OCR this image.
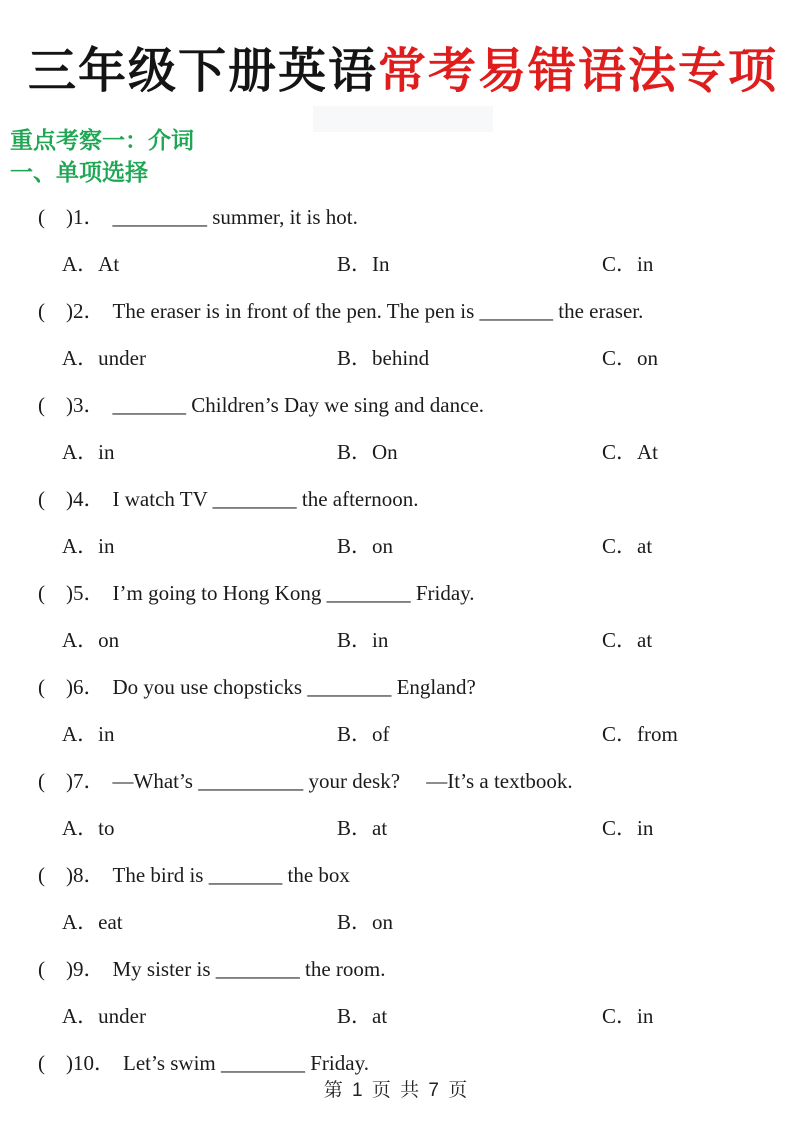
三年级下册英语常考易错语法专项
重点考察一：介词
一、单项选择
(　)1． _________ summer, it is hot.
A．At	B．In	C．in
(　)2． The eraser is in front of the pen. The pen is _______ the eraser.
A．under	B．behind	C．on
(　)3． _______ Children’s Day we sing and dance.
A．in	B．On	C．At
(　)4． I watch TV ________ the afternoon.
A．in	B．on	C．at
(　)5． I’m going to Hong Kong ________ Friday.
A．on	B．in	C．at
(　)6． Do you use chopsticks ________ England?
A．in	B．of	C．from
(　)7． —What’s __________ your desk?　 —It’s a textbook.
A．to	B．at	C．in
(　)8． The bird is _______ the box
A．eat	B．on
(　)9． My sister is ________ the room.
A．under	B．at	C．in
(　)10． Let’s swim ________ Friday.
第 1 页 共 7 页
